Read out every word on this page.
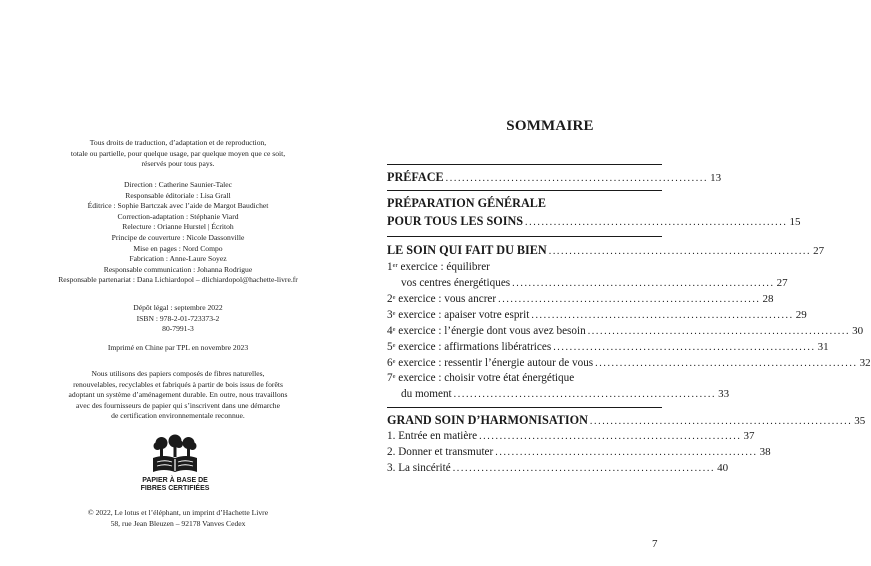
Tous droits de traduction, d’adaptation et de reproduction,
totale ou partielle, pour quelque usage, par quelque moyen que ce soit,
réservés pour tous pays.

Direction : Catherine Saunier-Talec
Responsable éditoriale : Lisa Grall
Éditrice : Sophie Bartczak avec l’aide de Margot Baudichet
Correction-adaptation : Stéphanie Viard
Relecture : Orianne Hurstel | Écritoh
Principe de couverture : Nicole Dassonville
Mise en pages : Nord Compo
Fabrication : Anne-Laure Soyez
Responsable communication : Johanna Rodrigue
Responsable partenariat : Dana Lichiardopol – dlichiardopol@hachette-livre.fr

Dépôt légal : septembre 2022
ISBN : 978-2-01-723373-2
80-7991-3

Imprimé en Chine par TPL en novembre 2023

Nous utilisons des papiers composés de fibres naturelles,
renouvelables, recyclables et fabriqués à partir de bois issus de forêts
adoptant un système d’aménagement durable. En outre, nous travaillons
avec des fournisseurs de papier qui s’inscrivent dans une démarche
de certification environnementale reconnue.

PAPIER À BASE DE
FIBRES CERTIFIÉES

© 2022, Le lotus et l’éléphant, un imprint d’Hachette Livre
58, rue Jean Bleuzen – 92178 Vanves Cedex

SOMMAIRE
PRÉFACE ................................................................ 13
PRÉPARATION GÉNÉRALE
POUR TOUS LES SOINS ................................................................ 15
LE SOIN QUI FAIT DU BIEN ................................................................ 27
1er exercice : équilibrer
vos centres énergétiques ................................................................ 27
2e exercice : vous ancrer ................................................................ 28
3e exercice : apaiser votre esprit ................................................................ 29
4e exercice : l’énergie dont vous avez besoin ................................................................ 30
5e exercice : affirmations libératrices ................................................................ 31
6e exercice : ressentir l’énergie autour de vous ................................................................ 32
7e exercice : choisir votre état énergétique
du moment ................................................................ 33
GRAND SOIN D’HARMONISATION ................................................................ 35
1. Entrée en matière ................................................................ 37
2. Donner et transmuter ................................................................ 38
3. La sincérité ................................................................ 40
7
